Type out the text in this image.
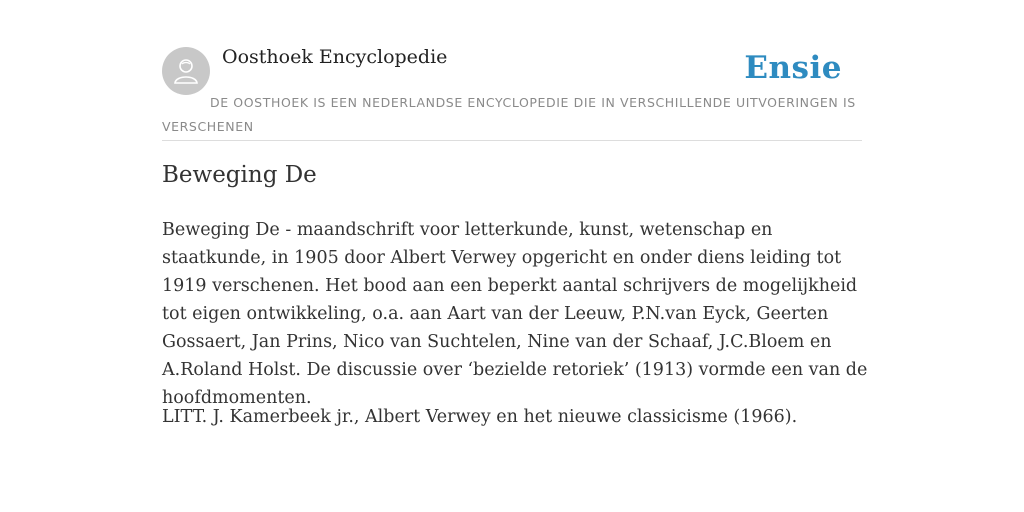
Oosthoek Encyclopedie	Ensie
DE OOSTHOEK IS EEN NEDERLANDSE ENCYCLOPEDIE DIE IN VERSCHILLENDE UITVOERINGEN IS VERSCHENEN
Beweging De

Beweging De - maandschrift voor letterkunde, kunst, wetenschap en staatkunde, in 1905 door Albert Verwey opgericht en onder diens leiding tot 1919 verschenen. Het bood aan een beperkt aantal schrijvers de mogelijkheid tot eigen ontwikkeling, o.a. aan Aart van der Leeuw, P.N.van Eyck, Geerten Gossaert, Jan Prins, Nico van Suchtelen, Nine van der Schaaf, J.C.Bloem en A.Roland Holst. De discussie over ‘bezielde retoriek’ (1913) vormde een van de hoofdmomenten.

LITT. J. Kamerbeek jr., Albert Verwey en het nieuwe classicisme (1966).
